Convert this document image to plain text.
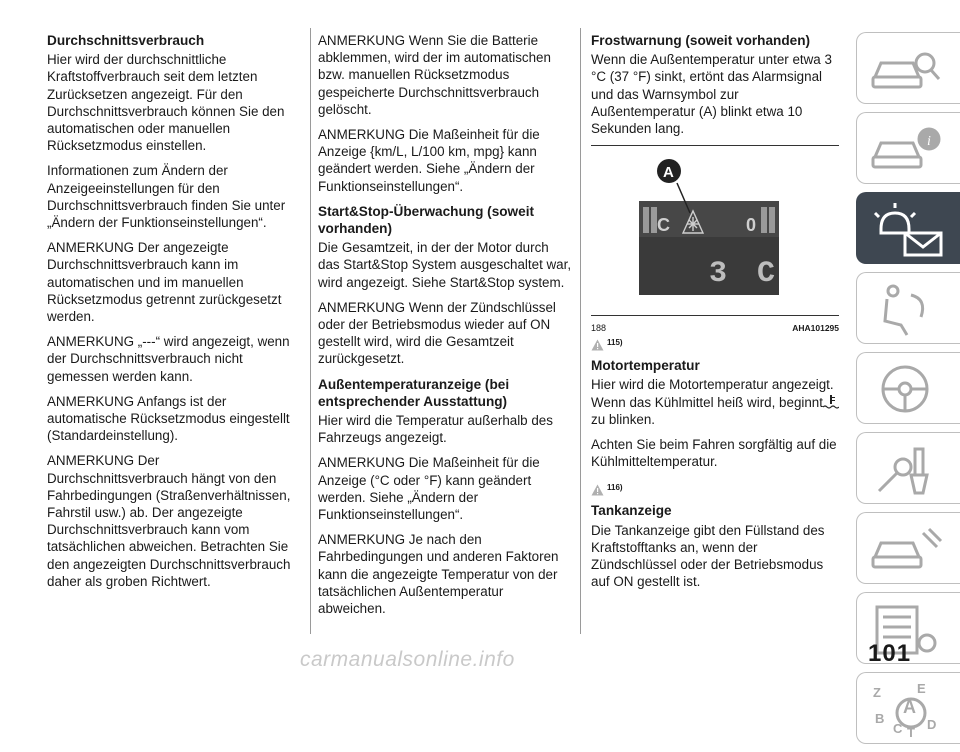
Durchschnittsverbrauch

Hier wird der durchschnittliche Kraftstoffverbrauch seit dem letzten Zurücksetzen angezeigt. Für den Durchschnittsverbrauch können Sie den automatischen oder manuellen Rücksetzmodus einstellen.

Informationen zum Ändern der Anzeigeeinstellungen für den Durchschnittsverbrauch finden Sie unter „Ändern der Funktionseinstellungen“.

ANMERKUNG Der angezeigte Durchschnittsverbrauch kann im automatischen und im manuellen Rücksetzmodus getrennt zurückgesetzt werden.

ANMERKUNG „---“ wird angezeigt, wenn der Durchschnittsverbrauch nicht gemessen werden kann.

ANMERKUNG Anfangs ist der automatische Rücksetzmodus eingestellt (Standardeinstellung).

ANMERKUNG Der Durchschnittsverbrauch hängt von den Fahrbedingungen (Straßenverhältnissen, Fahrstil usw.) ab. Der angezeigte Durchschnittsverbrauch kann vom tatsächlichen abweichen. Betrachten Sie den angezeigten Durchschnittsverbrauch daher als groben Richtwert.

ANMERKUNG Wenn Sie die Batterie abklemmen, wird der im automatischen bzw. manuellen Rücksetzmodus gespeicherte Durchschnittsverbrauch gelöscht.

ANMERKUNG Die Maßeinheit für die Anzeige {km/L, L/100 km, mpg} kann geändert werden. Siehe „Ändern der Funktionseinstellungen“.

Start&Stop-Überwachung (soweit vorhanden)

Die Gesamtzeit, in der der Motor durch das Start&Stop System ausgeschaltet war, wird angezeigt. Siehe Start&Stop system.

ANMERKUNG Wenn der Zündschlüssel oder der Betriebsmodus wieder auf ON gestellt wird, wird die Gesamtzeit zurückgesetzt.

Außentemperaturanzeige (bei entsprechender Ausstattung)

Hier wird die Temperatur außerhalb des Fahrzeugs angezeigt.

ANMERKUNG Die Maßeinheit für die Anzeige (°C oder °F) kann geändert werden. Siehe „Ändern der Funktionseinstellungen“.

ANMERKUNG Je nach den Fahrbedingungen und anderen Faktoren kann die angezeigte Temperatur von der tatsächlichen Außentemperatur abweichen.

Frostwarnung (soweit vorhanden)

Wenn die Außentemperatur unter etwa 3 °C (37 °F) sinkt, ertönt das Alarmsignal und das Warnsymbol zur Außentemperatur (A) blinkt etwa 10 Sekunden lang.

C	0
3 C
A
188	AHA101295
115)
Motortemperatur

Hier wird die Motortemperatur angezeigt. Wenn das Kühlmittel heiß wird, beginntzu blinken.

Achten Sie beim Fahren sorgfältig auf die Kühlmitteltemperatur.

116)
Tankanzeige

Die Tankanzeige gibt den Füllstand des Kraftstofftanks an, wenn der Zündschlüssel oder der Betriebsmodus auf ON gestellt ist.

i
Z	E
A
B
C T
D
101
carmanualsonline.info
